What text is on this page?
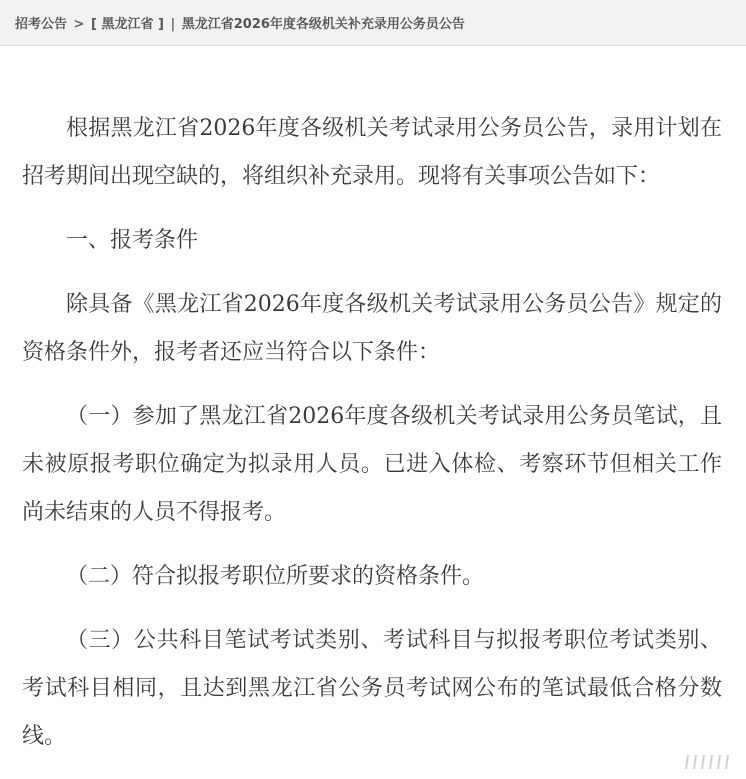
招考公告 > [ 黑龙江省 ] | 黑龙江省2026年度各级机关补充录用公务员公告

根据黑龙江省2026年度各级机关考试录用公务员公告，录用计划在招考期间出现空缺的，将组织补充录用。现将有关事项公告如下：

一、报考条件

除具备《黑龙江省2026年度各级机关考试录用公务员公告》规定的资格条件外，报考者还应当符合以下条件：

（一）参加了黑龙江省2026年度各级机关考试录用公务员笔试，且未被原报考职位确定为拟录用人员。已进入体检、考察环节但相关工作尚未结束的人员不得报考。

（二）符合拟报考职位所要求的资格条件。

（三）公共科目笔试考试类别、考试科目与拟报考职位考试类别、考试科目相同，且达到黑龙江省公务员考试网公布的笔试最低合格分数线。
